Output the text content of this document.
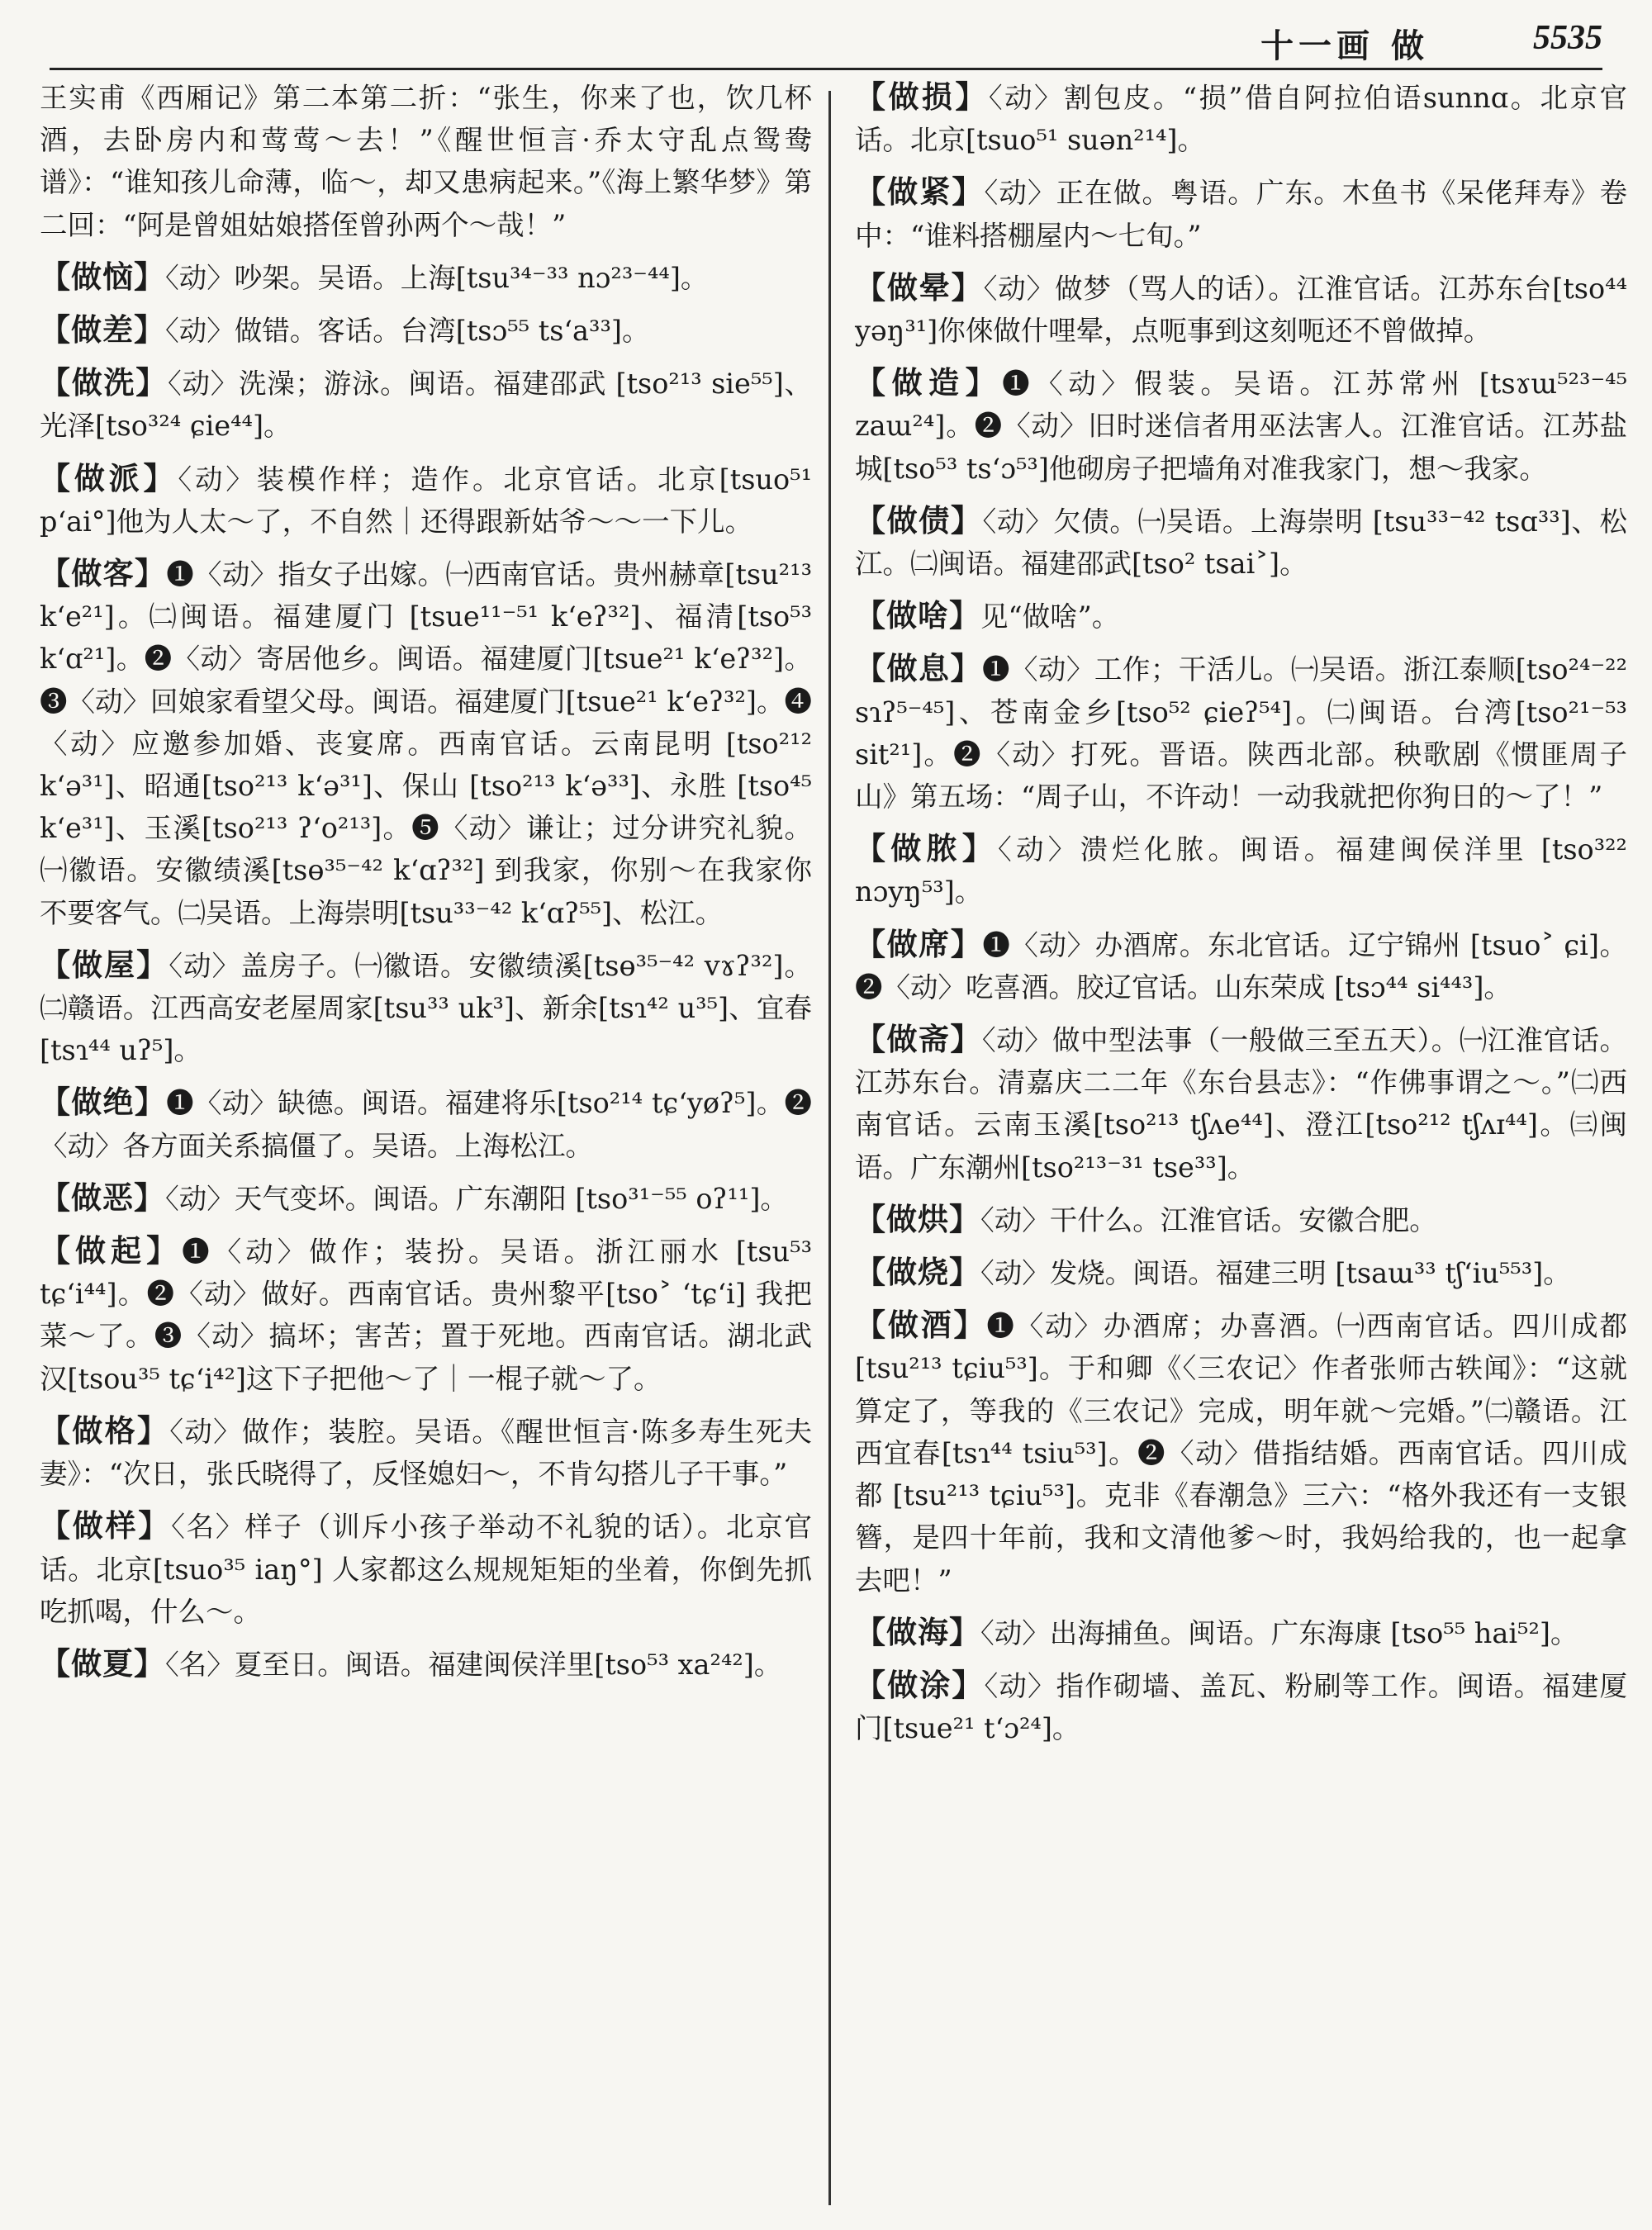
十一画 做	5535

王实甫《西厢记》第二本第二折：“张生，你来了也，饮几杯酒，去卧房内和莺莺～去！”《醒世恒言·乔太守乱点鸳鸯谱》：“谁知孩儿命薄，临～，却又患病起来。”《海上繁华梦》第二回：“阿是曾姐姑娘搭侄曾孙两个～哉！”

【做恼】〈动〉吵架。吴语。上海[tsu³⁴⁻³³ nɔ²³⁻⁴⁴]。

【做差】〈动〉做错。客话。台湾[tsɔ⁵⁵ ts‘a³³]。

【做洗】〈动〉洗澡；游泳。闽语。福建邵武 [tso²¹³ sie⁵⁵]、光泽[tso³²⁴ ɕie⁴⁴]。

【做派】〈动〉装模作样；造作。北京官话。北京[tsuo⁵¹ p‘ai°]他为人太～了，不自然｜还得跟新姑爷～～一下儿。

【做客】❶〈动〉指女子出嫁。㈠西南官话。贵州赫章[tsu²¹³ k‘e²¹]。㈡闽语。福建厦门 [tsue¹¹⁻⁵¹ k‘eʔ³²]、福清[tso⁵³ k‘ɑ²¹]。❷〈动〉寄居他乡。闽语。福建厦门[tsue²¹ k‘eʔ³²]。❸〈动〉回娘家看望父母。闽语。福建厦门[tsue²¹ k‘eʔ³²]。❹〈动〉应邀参加婚、丧宴席。西南官话。云南昆明 [tso²¹² k‘ə³¹]、昭通[tso²¹³ k‘ə³¹]、保山 [tso²¹³ k‘ə³³]、永胜 [tso⁴⁵ k‘e³¹]、玉溪[tso²¹³ ʔ‘o²¹³]。❺〈动〉谦让；过分讲究礼貌。㈠徽语。安徽绩溪[tsɵ³⁵⁻⁴² k‘ɑʔ³²] 到我家，你别～在我家你不要客气。㈡吴语。上海崇明[tsu³³⁻⁴² k‘ɑʔ⁵⁵]、松江。

【做屋】〈动〉盖房子。㈠徽语。安徽绩溪[tsɵ³⁵⁻⁴² vɤʔ³²]。㈡赣语。江西高安老屋周家[tsu³³ uk³]、新余[tsɿ⁴² u³⁵]、宜春[tsɿ⁴⁴ uʔ⁵]。

【做绝】❶〈动〉缺德。闽语。福建将乐[tso²¹⁴ tɕ‘yøʔ⁵]。❷〈动〉各方面关系搞僵了。吴语。上海松江。

【做恶】〈动〉天气变坏。闽语。广东潮阳 [tso³¹⁻⁵⁵ oʔ¹¹]。

【做起】❶〈动〉做作；装扮。吴语。浙江丽水 [tsu⁵³ tɕ‘i⁴⁴]。❷〈动〉做好。西南官话。贵州黎平[tso˃ ‘tɕ‘i] 我把菜～了。❸〈动〉搞坏；害苦；置于死地。西南官话。湖北武汉[tsou³⁵ tɕ‘i⁴²]这下子把他～了｜一棍子就～了。

【做格】〈动〉做作；装腔。吴语。《醒世恒言·陈多寿生死夫妻》：“次日，张氏晓得了，反怪媳妇～，不肯勾搭儿子干事。”

【做样】〈名〉样子（训斥小孩子举动不礼貌的话）。北京官话。北京[tsuo³⁵ iaŋ°] 人家都这么规规矩矩的坐着，你倒先抓吃抓喝，什么～。

【做夏】〈名〉夏至日。闽语。福建闽侯洋里[tso⁵³ xa²⁴²]。

【做损】〈动〉割包皮。“损”借自阿拉伯语sunnɑ。北京官话。北京[tsuo⁵¹ suən²¹⁴]。

【做紧】〈动〉正在做。粤语。广东。木鱼书《呆佬拜寿》卷中：“谁料搭棚屋内～七旬。”

【做晕】〈动〉做梦（骂人的话）。江淮官话。江苏东台[tso⁴⁴ yəŋ³¹]你倈做什哩晕，点呃事到这刻呃还不曾做掉。

【做造】❶〈动〉假装。吴语。江苏常州 [tsɤɯ⁵²³⁻⁴⁵ zaɯ²⁴]。❷〈动〉旧时迷信者用巫法害人。江淮官话。江苏盐城[tso⁵³ ts‘ɔ⁵³]他砌房子把墙角对准我家门，想～我家。

【做债】〈动〉欠债。㈠吴语。上海崇明 [tsu³³⁻⁴² tsɑ³³]、松江。㈡闽语。福建邵武[tso² tsai˃]。

【做啥】见“做啥”。

【做息】❶〈动〉工作；干活儿。㈠吴语。浙江泰顺[tso²⁴⁻²² sɿʔ⁵⁻⁴⁵]、苍南金乡[tso⁵² ɕieʔ⁵⁴]。㈡闽语。台湾[tso²¹⁻⁵³ sit²¹]。❷〈动〉打死。晋语。陕西北部。秧歌剧《惯匪周子山》第五场：“周子山，不许动！一动我就把你狗日的～了！”

【做脓】〈动〉溃烂化脓。闽语。福建闽侯洋里 [tso³²² nɔyŋ⁵³]。

【做席】❶〈动〉办酒席。东北官话。辽宁锦州 [tsuo˃ ɕi]。❷〈动〉吃喜酒。胶辽官话。山东荣成 [tsɔ⁴⁴ si⁴⁴³]。

【做斋】〈动〉做中型法事（一般做三至五天）。㈠江淮官话。江苏东台。清嘉庆二二年《东台县志》：“作佛事谓之～。”㈡西南官话。云南玉溪[tso²¹³ tʃʌe⁴⁴]、澄江[tso²¹² tʃʌɪ⁴⁴]。㈢闽语。广东潮州[tso²¹³⁻³¹ tse³³]。

【做烘】〈动〉干什么。江淮官话。安徽合肥。

【做烧】〈动〉发烧。闽语。福建三明 [tsaɯ³³ tʃ‘iu⁵⁵³]。

【做酒】❶〈动〉办酒席；办喜酒。㈠西南官话。四川成都[tsu²¹³ tɕiu⁵³]。于和卿《〈三农记〉作者张师古轶闻》：“这就算定了，等我的《三农记》完成，明年就～完婚。”㈡赣语。江西宜春[tsɿ⁴⁴ tsiu⁵³]。❷〈动〉借指结婚。西南官话。四川成都 [tsu²¹³ tɕiu⁵³]。克非《春潮急》三六：“格外我还有一支银簪，是四十年前，我和文清他爹～时，我妈给我的，也一起拿去吧！”

【做海】〈动〉出海捕鱼。闽语。广东海康 [tso⁵⁵ hai⁵²]。

【做涂】〈动〉指作砌墙、盖瓦、粉刷等工作。闽语。福建厦门[tsue²¹ t‘ɔ²⁴]。
